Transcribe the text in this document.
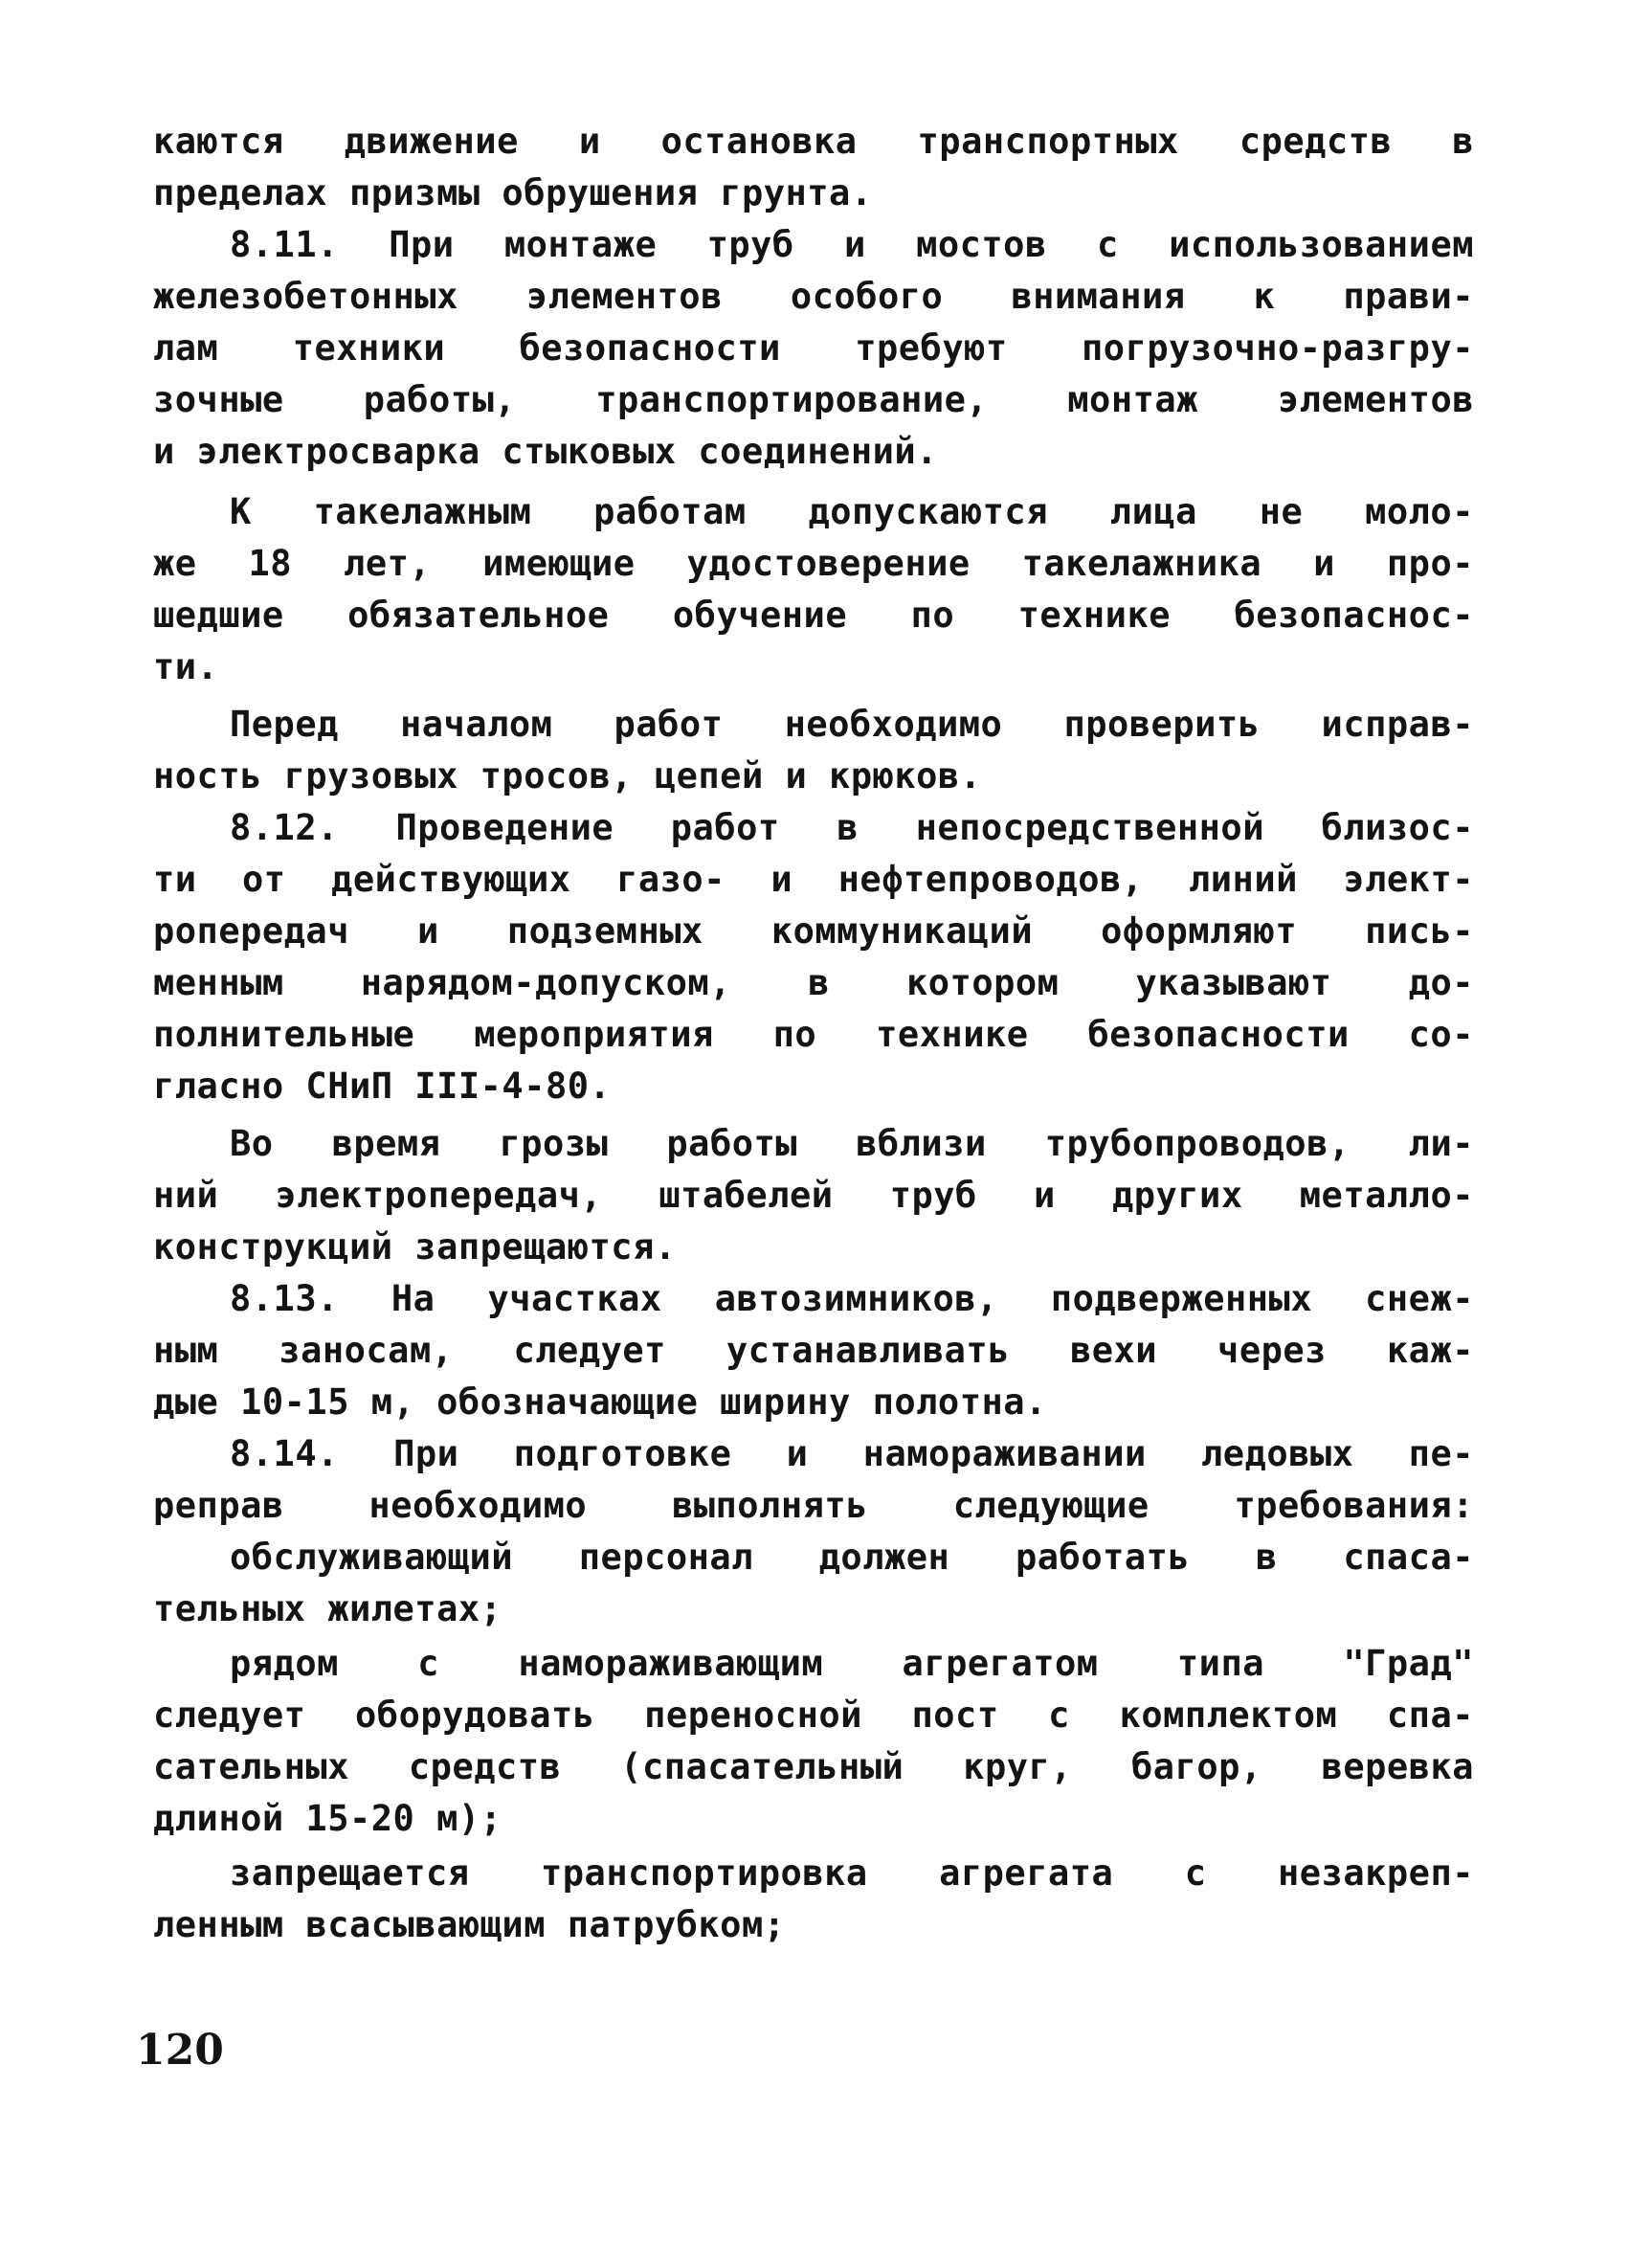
каются движение и остановка транспортных средств в

пределах призмы обрушения грунта.

8.11. При монтаже труб и мостов с использованием

железобетонных элементов особого внимания к прави-

лам техники безопасности требуют погрузочно-разгру-

зочные работы, транспортирование, монтаж элементов

и электросварка стыковых соединений.

К такелажным работам допускаются лица не моло-

же 18 лет, имеющие удостоверение такелажника и про-

шедшие обязательное обучение по технике безопаснос-

ти.

Перед началом работ необходимо проверить исправ-

ность грузовых тросов, цепей и крюков.

8.12. Проведение работ в непосредственной близос-

ти от действующих газо- и нефтепроводов, линий элект-

ропередач и подземных коммуникаций оформляют пись-

менным нарядом-допуском, в котором указывают до-

полнительные мероприятия по технике безопасности со-

гласно СНиП III-4-80.

Во время грозы работы вблизи трубопроводов, ли-

ний электропередач, штабелей труб и других металло-

конструкций запрещаются.

8.13. На участках автозимников, подверженных снеж-

ным заносам, следует устанавливать вехи через каж-

дые 10-15 м, обозначающие ширину полотна.

8.14. При подготовке и намораживании ледовых пе-

реправ необходимо выполнять следующие требования:

обслуживающий персонал должен работать в спаса-

тельных жилетах;

рядом с намораживающим агрегатом типа "Град"

следует оборудовать переносной пост с комплектом спа-

сательных средств (спасательный круг, багор, веревка

длиной 15-20 м);

запрещается транспортировка агрегата с незакреп-

ленным всасывающим патрубком;

120
